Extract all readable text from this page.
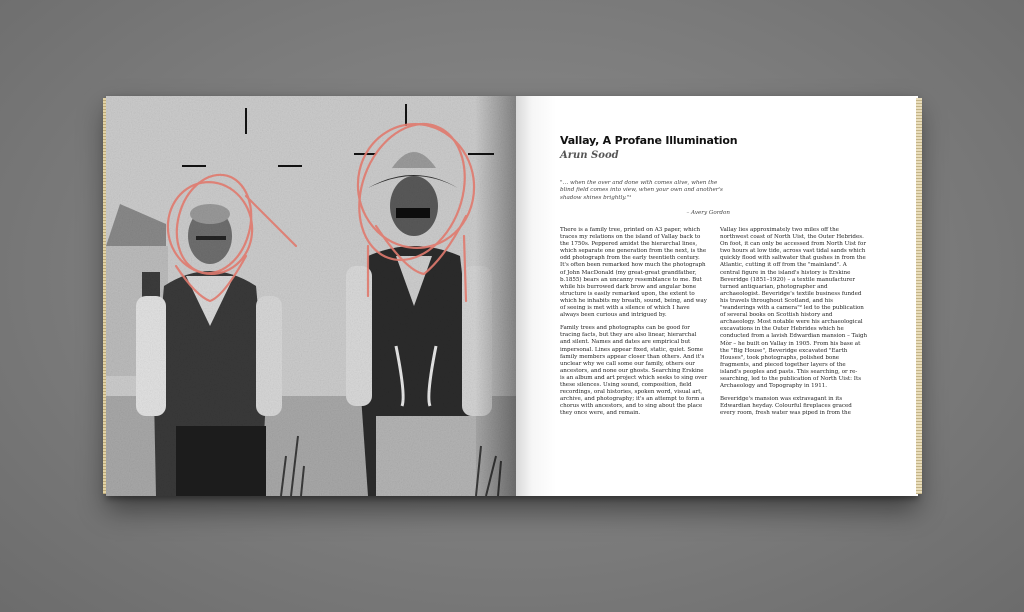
Vallay, A Profane Illumination
Arun Sood

"… when the over and done with comes alive, when the blind field comes into view, when your own and another's shadow shines brightly."¹

– Avery Gordon

There is a family tree, printed on A3 paper, which traces my relations on the island of Vallay back to the 1750s. Peppered amidst the hierarchal lines, which separate one generation from the next, is the odd photograph from the early twentieth century. It's often been remarked how much the photograph of John MacDonald (my great-great grandfather, b.1855) bears an uncanny resemblance to me. But while his burrowed dark brow and angular bone structure is easily remarked upon, the extent to which he inhabits my breath, sound, being, and way of seeing is met with a silence of which I have always been curious and intrigued by.

Family trees and photographs can be good for tracing facts, but they are also linear, hierarchal and silent. Names and dates are empirical but impersonal. Lines appear fixed, static, quiet. Some family members appear closer than others. And it's unclear why we call some our family, others our ancestors, and none our ghosts. Searching Erskine is an album and art project which seeks to sing over these silences. Using sound, composition, field recordings, oral histories, spoken word, visual art, archive, and photography; it's an attempt to form a chorus with ancestors, and to sing about the place they once were, and remain.

Vallay lies approximately two miles off the northwest coast of North Uist, the Outer Hebrides. On foot, it can only be accessed from North Uist for two hours at low tide, across vast tidal sands which quickly flood with saltwater that gushes in from the Atlantic, cutting it off from the "mainland". A central figure in the island's history is Erskine Beveridge (1851–1920) – a textile manufacturer turned antiquarian, photographer and archaeologist. Beveridge's textile business funded his travels throughout Scotland, and his "wanderings with a camera"² led to the publication of several books on Scottish history and archaeology. Most notable were his archaeological excavations in the Outer Hebrides which he conducted from a lavish Edwardian mansion – Taigh Mòr – he built on Vallay in 1905. From his base at the "Big House", Beveridge excavated "Earth Houses", took photographs, polished bone fragments, and pieced together layers of the island's peoples and pasts. This searching, or re-searching, led to the publication of North Uist: Its Archaeology and Topography in 1911.

Beveridge's mansion was extravagant in its Edwardian heyday. Colourful fireplaces graced every room, fresh water was piped in from the
